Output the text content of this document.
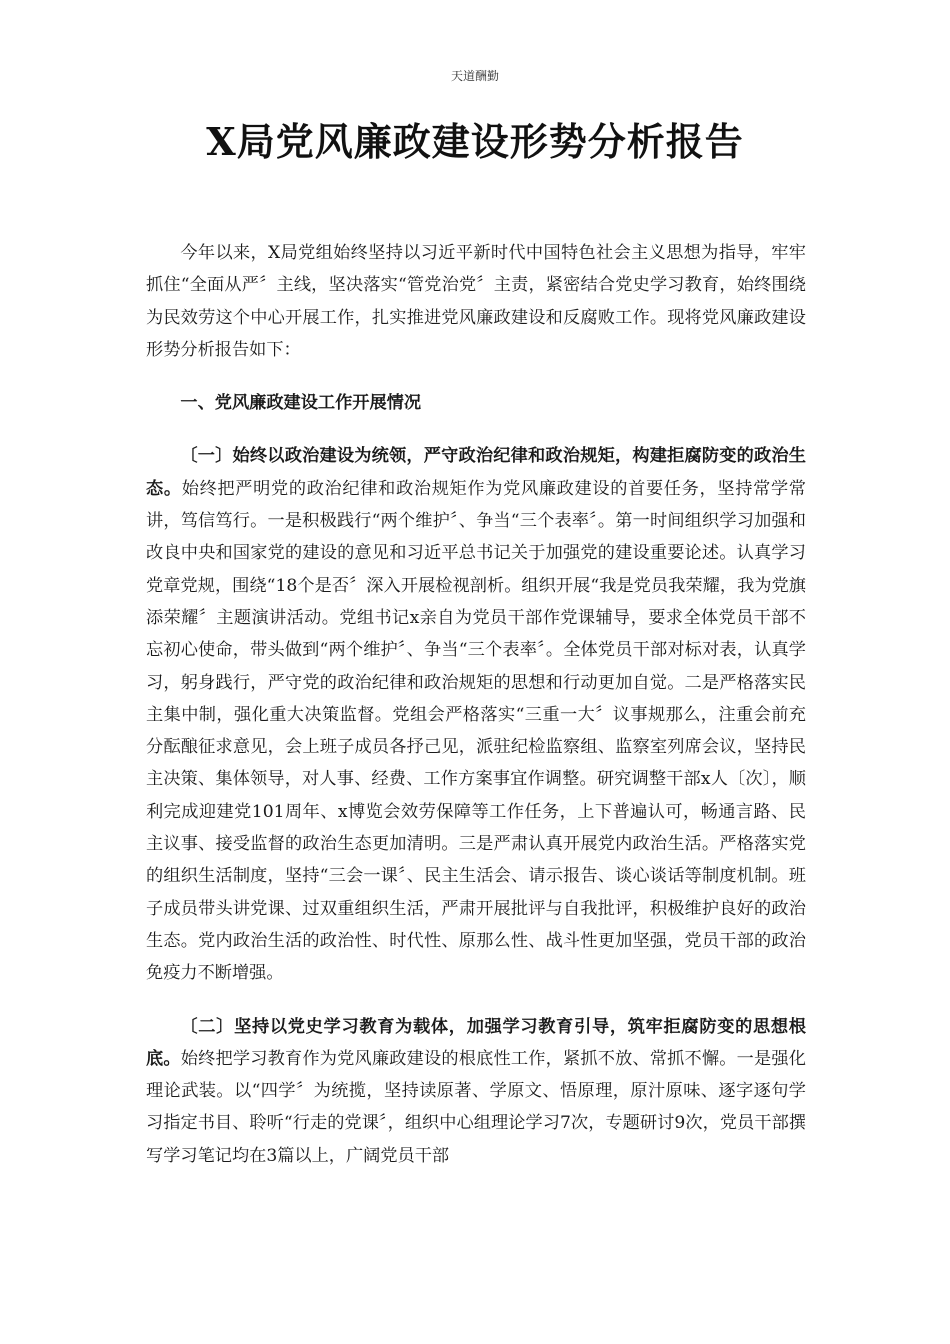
天道酬勤
X局党风廉政建设形势分析报告

今年以来，X局党组始终坚持以习近平新时代中国特色社会主义思想为指导，牢牢抓住“全面从严〞主线，坚决落实“管党治党〞主责，紧密结合党史学习教育，始终围绕为民效劳这个中心开展工作，扎实推进党风廉政建设和反腐败工作。现将党风廉政建设形势分析报告如下：

一、党风廉政建设工作开展情况

〔一〕始终以政治建设为统领，严守政治纪律和政治规矩，构建拒腐防变的政治生态。始终把严明党的政治纪律和政治规矩作为党风廉政建设的首要任务，坚持常学常讲，笃信笃行。一是积极践行“两个维护〞、争当“三个表率〞。第一时间组织学习加强和改良中央和国家党的建设的意见和习近平总书记关于加强党的建设重要论述。认真学习党章党规，围绕“18个是否〞深入开展检视剖析。组织开展“我是党员我荣耀，我为党旗添荣耀〞主题演讲活动。党组书记x亲自为党员干部作党课辅导，要求全体党员干部不忘初心使命，带头做到“两个维护〞、争当“三个表率〞。全体党员干部对标对表，认真学习，躬身践行，严守党的政治纪律和政治规矩的思想和行动更加自觉。二是严格落实民主集中制，强化重大决策监督。党组会严格落实“三重一大〞议事规那么，注重会前充分酝酿征求意见，会上班子成员各抒己见，派驻纪检监察组、监察室列席会议，坚持民主决策、集体领导，对人事、经费、工作方案事宜作调整。研究调整干部x人〔次〕，顺利完成迎建党101周年、x博览会效劳保障等工作任务，上下普遍认可，畅通言路、民主议事、接受监督的政治生态更加清明。三是严肃认真开展党内政治生活。严格落实党的组织生活制度，坚持“三会一课〞、民主生活会、请示报告、谈心谈话等制度机制。班子成员带头讲党课、过双重组织生活，严肃开展批评与自我批评，积极维护良好的政治生态。党内政治生活的政治性、时代性、原那么性、战斗性更加坚强，党员干部的政治免疫力不断增强。

〔二〕坚持以党史学习教育为载体，加强学习教育引导，筑牢拒腐防变的思想根底。始终把学习教育作为党风廉政建设的根底性工作，紧抓不放、常抓不懈。一是强化理论武装。以“四学〞为统揽，坚持读原著、学原文、悟原理，原汁原味、逐字逐句学习指定书目、聆听“行走的党课〞，组织中心组理论学习7次，专题研讨9次，党员干部撰写学习笔记均在3篇以上，广阔党员干部
